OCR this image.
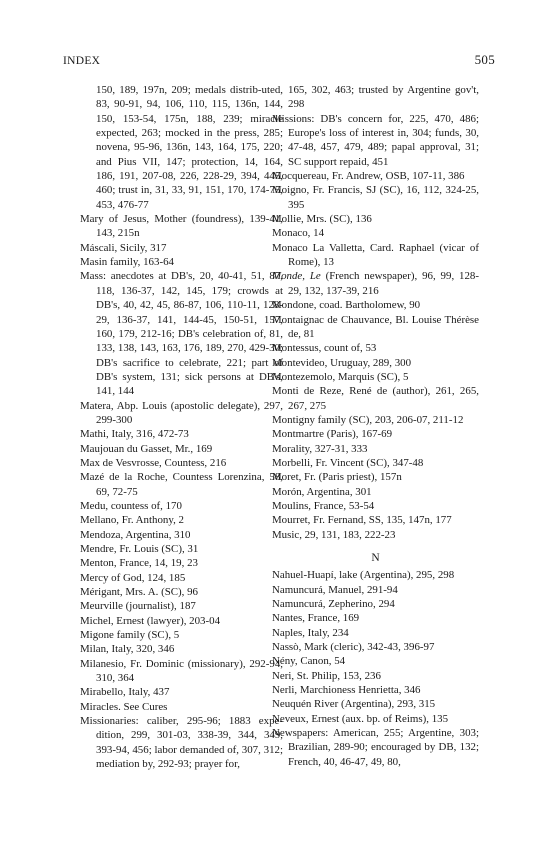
INDEX	505

150, 189, 197n, 209; medals distrib-uted, 83, 90-91, 94, 106, 110, 115, 136n, 144, 150, 153-54, 175n, 188, 239; miracle expected, 263; mocked in the press, 285; novena, 95-96, 136n, 143, 164, 175, 220; and Pius VII, 147; protection, 14, 164, 186, 191, 207-08, 226, 228-29, 394, 445, 460; trust in, 31, 33, 91, 151, 170, 174-75, 453, 476-77

Mary of Jesus, Mother (foundress), 139-41, 143, 215n

Máscali, Sicily, 317

Masin family, 163-64

Mass: anecdotes at DB's, 20, 40-41, 51, 87, 118, 136-37, 142, 145, 179; crowds at DB's, 40, 42, 45, 86-87, 106, 110-11, 128-29, 136-37, 141, 144-45, 150-51, 157, 160, 179, 212-16; DB's celebration of, 81, 133, 138, 143, 163, 176, 189, 270, 429-30; DB's sacrifice to celebrate, 221; part of DB's system, 131; sick persons at DB's, 141, 144

Matera, Abp. Louis (apostolic delegate), 297, 299-300

Mathi, Italy, 316, 472-73

Maujouan du Gasset, Mr., 169

Max de Vesvrosse, Countess, 216

Mazé de la Roche, Countess Lorenzina, 58, 69, 72-75

Medu, countess of, 170

Mellano, Fr. Anthony, 2

Mendoza, Argentina, 310

Mendre, Fr. Louis (SC), 31

Menton, France, 14, 19, 23

Mercy of God, 124, 185

Mérigant, Mrs. A. (SC), 96

Meurville (journalist), 187

Michel, Ernest (lawyer), 203-04

Migone family (SC), 5

Milan, Italy, 320, 346

Milanesio, Fr. Dominic (missionary), 292-94, 310, 364

Mirabello, Italy, 437

Miracles. See Cures

Missionaries: caliber, 295-96; 1883 expe-dition, 299, 301-03, 338-39, 344, 349, 393-94, 456; labor demanded of, 307, 312; mediation by, 292-93; prayer for,

165, 302, 463; trusted by Argentine gov't, 298

Missions: DB's concern for, 225, 470, 486; Europe's loss of interest in, 304; funds, 30, 47-48, 457, 479, 489; papal approval, 31; SC support repaid, 451

Mocquereau, Fr. Andrew, OSB, 107-11, 386

Moigno, Fr. Francis, SJ (SC), 16, 112, 324-25, 395

Mollie, Mrs. (SC), 136

Monaco, 14

Monaco La Valletta, Card. Raphael (vicar of Rome), 13

Monde, Le (French newspaper), 96, 99, 128-29, 132, 137-39, 216

Mondone, coad. Bartholomew, 90

Montaignac de Chauvance, Bl. Louise Thérèse de, 81

Montessus, count of, 53

Montevideo, Uruguay, 289, 300

Montezemolo, Marquis (SC), 5

Monti de Reze, René de (author), 261, 265, 267, 275

Montigny family (SC), 203, 206-07, 211-12

Montmartre (Paris), 167-69

Morality, 327-31, 333

Morbelli, Fr. Vincent (SC), 347-48

Moret, Fr. (Paris priest), 157n

Morón, Argentina, 301

Moulins, France, 53-54

Mourret, Fr. Fernand, SS, 135, 147n, 177

Music, 29, 131, 183, 222-23

N

Nahuel-Huapí, lake (Argentina), 295, 298

Namuncurá, Manuel, 291-94

Namuncurá, Zepherino, 294

Nantes, France, 169

Naples, Italy, 234

Nassò, Mark (cleric), 342-43, 396-97

Nény, Canon, 54

Neri, St. Philip, 153, 236

Nerli, Marchioness Henrietta, 346

Neuquén River (Argentina), 293, 315

Neveux, Ernest (aux. bp. of Reims), 135

Newspapers: American, 255; Argentine, 303; Brazilian, 289-90; encouraged by DB, 132; French, 40, 46-47, 49, 80,
